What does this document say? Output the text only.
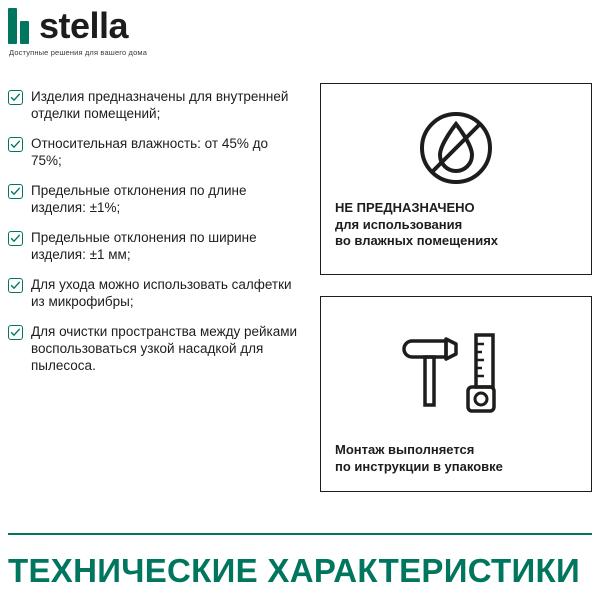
stella
Доступные решения для вашего дома
Изделия предназначены для внутренней отделки помещений;
Относительная влажность: от 45% до 75%;
Предельные отклонения по длине изделия: ±1%;
Предельные отклонения по ширине изделия: ±1 мм;
Для ухода можно использовать салфетки из микрофибры;
Для очистки пространства между рейками воспользоваться узкой насадкой для пылесоса.
НЕ ПРЕДНАЗНАЧЕНО
для использования
во влажных помещениях
Монтаж выполняется
по инструкции в упаковке
ТЕХНИЧЕСКИЕ ХАРАКТЕРИСТИКИ
